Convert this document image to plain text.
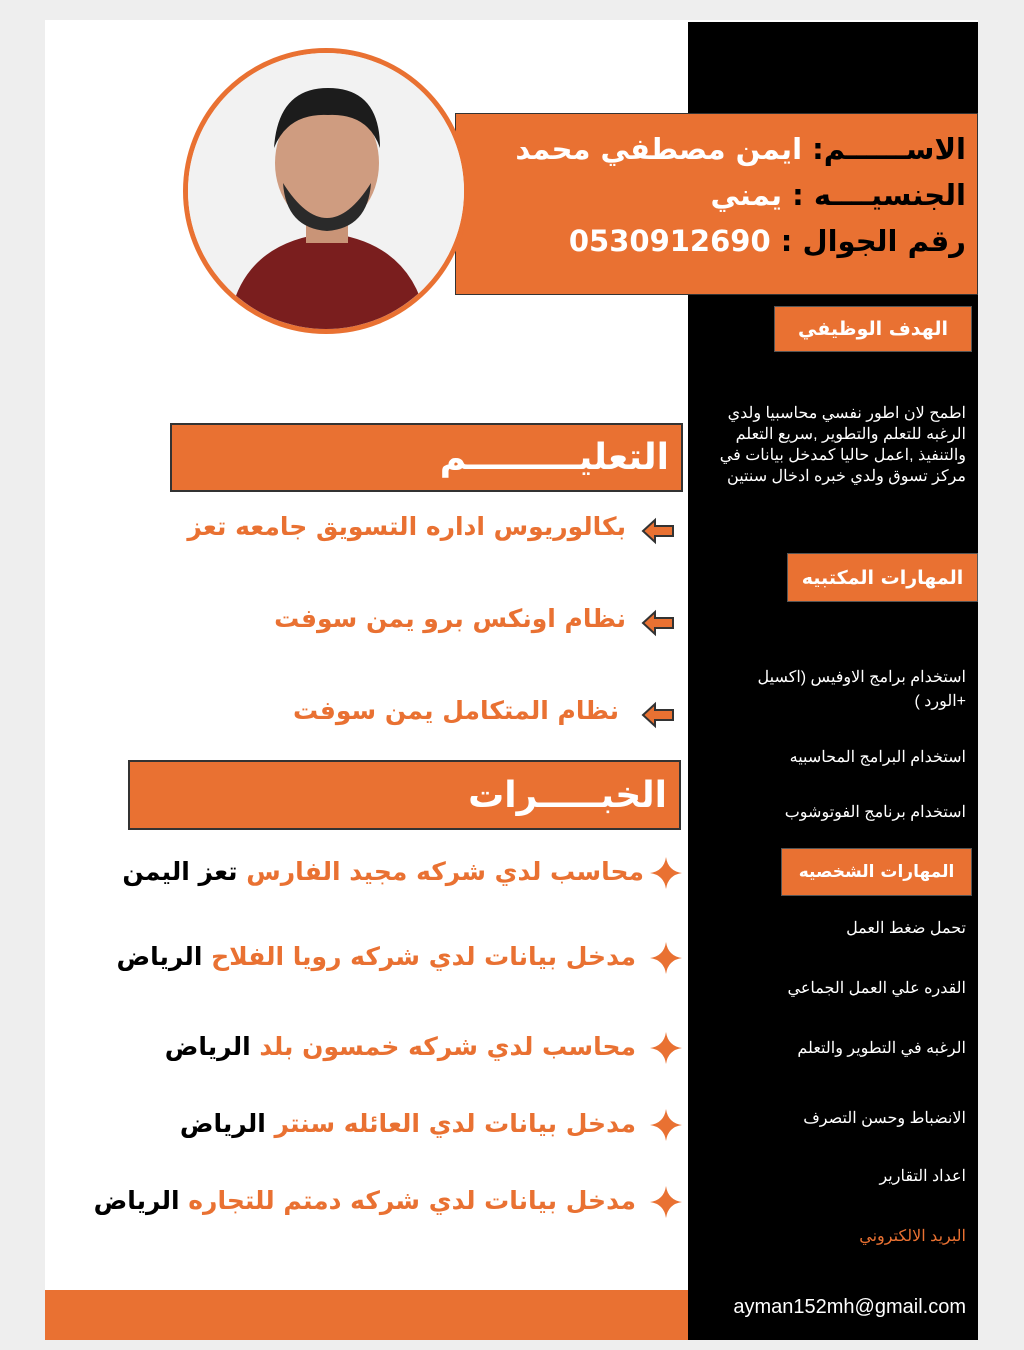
الاســــــم: ايمن مصطفي محمد
الجنسيــــه : يمني
رقم الجوال : 0530912690
الهدف الوظيفي
اطمح لان اطور نفسي محاسبيا ولدي الرغبه للتعلم والتطوير ,سريع التعلم والتنفيذ ,اعمل حاليا كمدخل بيانات في مركز تسوق ولدي خبره ادخال سنتين
المهارات المكتبيه
استخدام برامج الاوفيس (اكسيل +الورد )
استخدام البرامج المحاسبيه
استخدام برنامج الفوتوشوب
المهارات الشخصيه
تحمل ضغط العمل
القدره علي العمل الجماعي
الرغبه في التطوير والتعلم
الانضباط وحسن التصرف
اعداد التقارير
البريد الالكتروني
ayman152mh@gmail.com
التعليـــــــــم
بكالوريوس اداره التسويق جامعه تعز
نظام اونكس برو يمن سوفت
نظام المتكامل يمن سوفت
الخبـــــرات
محاسب لدي شركه مجيد الفارس تعز اليمن
مدخل بيانات لدي شركه رويا الفلاح الرياض
محاسب لدي شركه خمسون بلد الرياض
مدخل بيانات لدي العائله سنتر الرياض
مدخل بيانات لدي شركه دمتم للتجاره الرياض
